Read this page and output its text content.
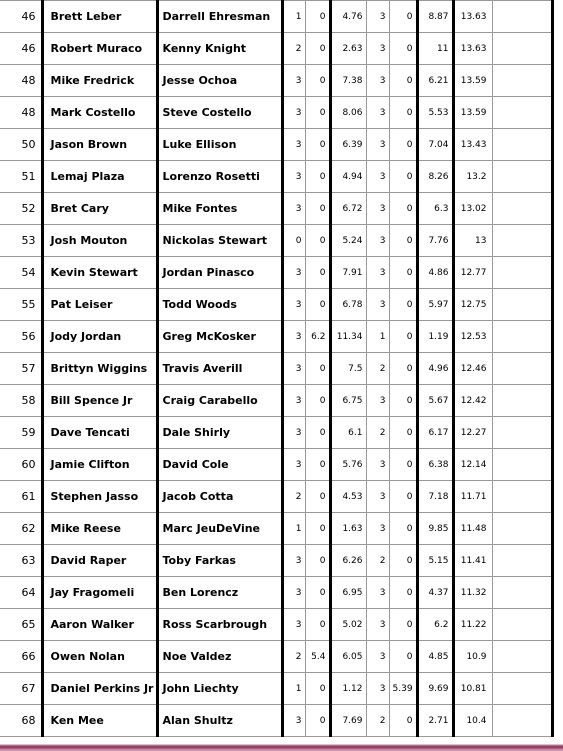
46	Brett Leber	Darrell Ehresman	1	0	4.76	3	0	8.87	13.63	
46	Robert Muraco	Kenny Knight	2	0	2.63	3	0	11	13.63	
48	Mike Fredrick	Jesse Ochoa	3	0	7.38	3	0	6.21	13.59	
48	Mark Costello	Steve Costello	3	0	8.06	3	0	5.53	13.59	
50	Jason Brown	Luke Ellison	3	0	6.39	3	0	7.04	13.43	
51	Lemaj Plaza	Lorenzo Rosetti	3	0	4.94	3	0	8.26	13.2	
52	Bret Cary	Mike Fontes	3	0	6.72	3	0	6.3	13.02	
53	Josh Mouton	Nickolas Stewart	0	0	5.24	3	0	7.76	13	
54	Kevin Stewart	Jordan Pinasco	3	0	7.91	3	0	4.86	12.77	
55	Pat Leiser	Todd Woods	3	0	6.78	3	0	5.97	12.75	
56	Jody Jordan	Greg McKosker	3	6.2	11.34	1	0	1.19	12.53	
57	Brittyn Wiggins	Travis Averill	3	0	7.5	2	0	4.96	12.46	
58	Bill Spence Jr	Craig Carabello	3	0	6.75	3	0	5.67	12.42	
59	Dave Tencati	Dale Shirly	3	0	6.1	2	0	6.17	12.27	
60	Jamie Clifton	David Cole	3	0	5.76	3	0	6.38	12.14	
61	Stephen Jasso	Jacob Cotta	2	0	4.53	3	0	7.18	11.71	
62	Mike Reese	Marc JeuDeVine	1	0	1.63	3	0	9.85	11.48	
63	David Raper	Toby Farkas	3	0	6.26	2	0	5.15	11.41	
64	Jay Fragomeli	Ben Lorencz	3	0	6.95	3	0	4.37	11.32	
65	Aaron Walker	Ross Scarbrough	3	0	5.02	3	0	6.2	11.22	
66	Owen Nolan	Noe Valdez	2	5.4	6.05	3	0	4.85	10.9	
67	Daniel Perkins Jr	John Liechty	1	0	1.12	3	5.39	9.69	10.81	
68	Ken Mee	Alan Shultz	3	0	7.69	2	0	2.71	10.4	
